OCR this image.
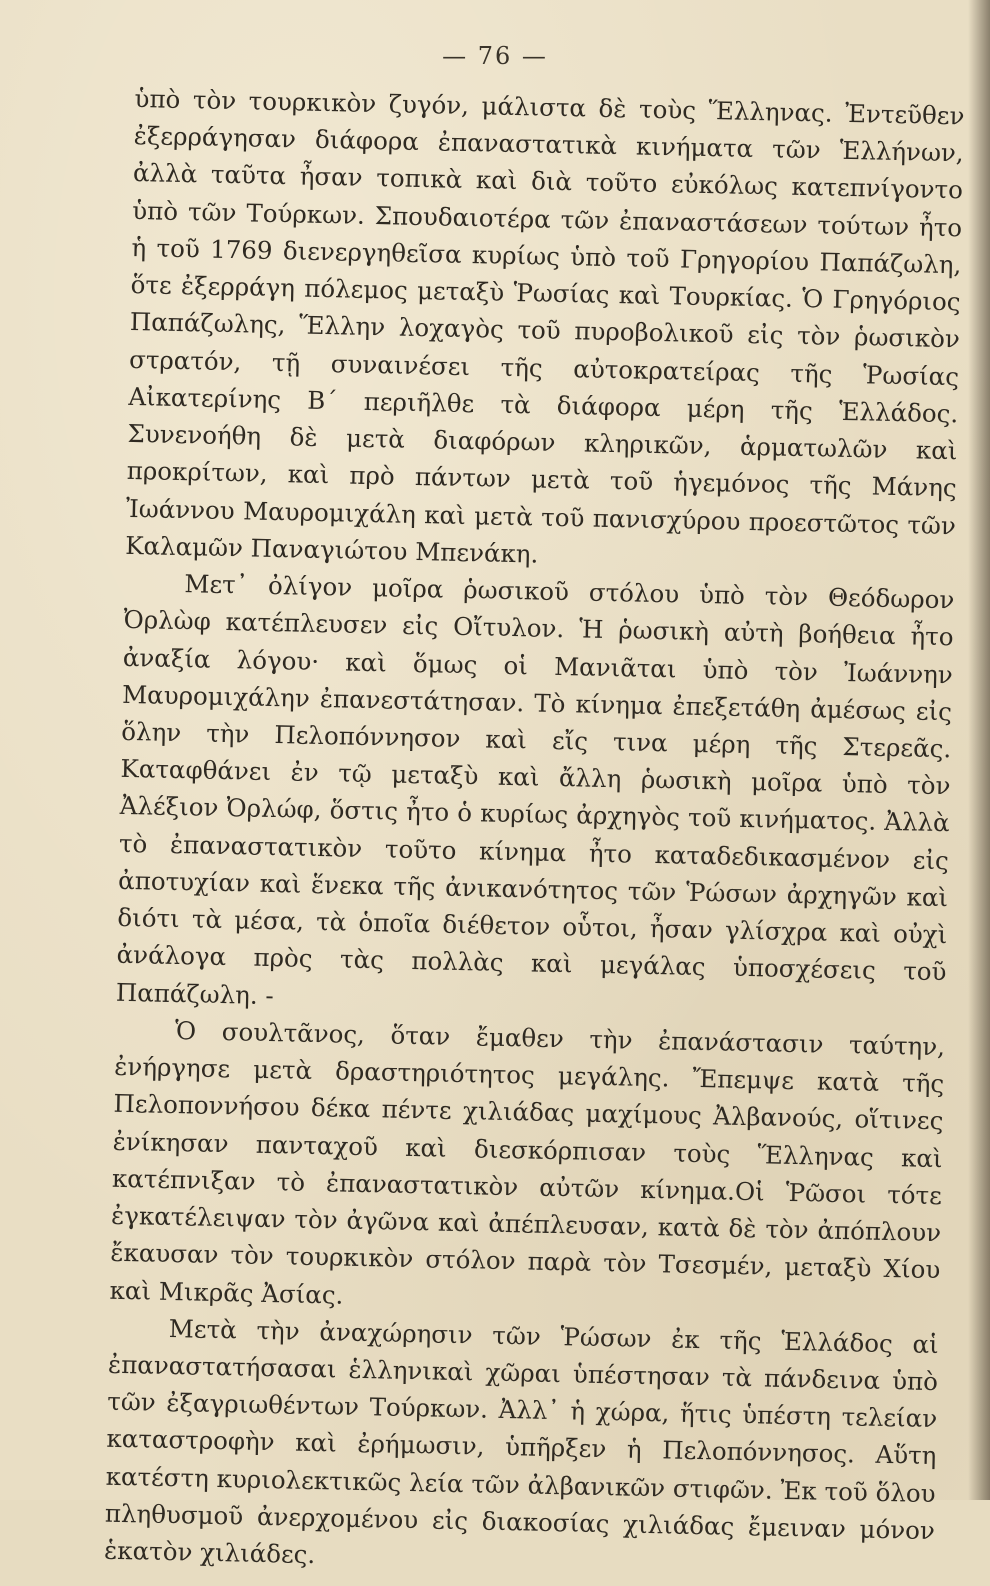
— 76 —

ὑπὸ τὸν τουρκικὸν ζυγόν, μάλιστα δὲ τοὺς Ἕλληνας. Ἐντεῦθεν ἐξερράγησαν διάφορα ἐπαναστατικὰ κινήματα τῶν Ἑλλήνων, ἀλλὰ ταῦτα ἦσαν τοπικὰ καὶ διὰ τοῦτο εὐκόλως κατεπνίγοντο ὑπὸ τῶν Τούρκων. Σπουδαιοτέρα τῶν ἐπαναστάσεων τούτων ἦτο ἡ τοῦ 1769 διενεργηθεῖσα κυρίως ὑπὸ τοῦ Γρηγορίου Παπάζωλη, ὅτε ἐξερράγη πόλεμος μεταξὺ Ῥωσίας καὶ Τουρκίας. Ὁ Γρηγόριος Παπάζωλης, Ἕλλην λοχαγὸς τοῦ πυροβολικοῦ εἰς τὸν ῥωσικὸν στρατόν, τῇ συναινέσει τῆς αὐτοκρατείρας τῆς Ῥωσίας Αἰκατερίνης Β΄ περιῆλθε τὰ διάφορα μέρη τῆς Ἑλλάδος. Συνενοήθη δὲ μετὰ διαφόρων κληρικῶν, ἁρματωλῶν καὶ προκρίτων, καὶ πρὸ πάντων μετὰ τοῦ ἡγεμόνος τῆς Μάνης Ἰωάννου Μαυρομιχάλη καὶ μετὰ τοῦ πανισχύρου προεστῶτος τῶν Καλαμῶν Παναγιώτου Μπενάκη.

Μετ᾽ ὀλίγον μοῖρα ῥωσικοῦ στόλου ὑπὸ τὸν Θεόδωρον Ὀρλὼφ κατέπλευσεν εἰς Οἴτυλον. Ἡ ῥωσικὴ αὐτὴ βοήθεια ἦτο ἀναξία λόγου· καὶ ὅμως οἱ Μανιᾶται ὑπὸ τὸν Ἰωάννην Μαυρομιχάλην ἐπανεστάτησαν. Τὸ κίνημα ἐπεξετάθη ἀμέσως εἰς ὅλην τὴν Πελοπόννησον καὶ εἴς τινα μέρη τῆς Στερεᾶς. Καταφθάνει ἐν τῷ μεταξὺ καὶ ἄλλη ῥωσικὴ μοῖρα ὑπὸ τὸν Ἀλέξιον Ὀρλώφ, ὅστις ἦτο ὁ κυρίως ἀρχηγὸς τοῦ κινήματος. Ἀλλὰ τὸ ἐπαναστατικὸν τοῦτο κίνημα ἦτο καταδεδικασμένον εἰς ἀποτυχίαν καὶ ἕνεκα τῆς ἀνικανότητος τῶν Ῥώσων ἀρχηγῶν καὶ διότι τὰ μέσα, τὰ ὁποῖα διέθετον οὗτοι, ἦσαν γλίσχρα καὶ οὐχὶ ἀνάλογα πρὸς τὰς πολλὰς καὶ μεγάλας ὑποσχέσεις τοῦ Παπάζωλη. -

Ὁ σουλτᾶνος, ὅταν ἔμαθεν τὴν ἐπανάστασιν ταύτην, ἐνήργησε μετὰ δραστηριότητος μεγάλης. Ἔπεμψε κατὰ τῆς Πελοποννήσου δέκα πέντε χιλιάδας μαχίμους Ἀλβανούς, οἵτινες ἐνίκησαν πανταχοῦ καὶ διεσκόρπισαν τοὺς Ἕλληνας καὶ κατέπνιξαν τὸ ἐπαναστατικὸν αὐτῶν κίνημα.Οἱ Ῥῶσοι τότε ἐγκατέλειψαν τὸν ἀγῶνα καὶ ἀπέπλευσαν, κατὰ δὲ τὸν ἀπόπλουν ἔκαυσαν τὸν τουρκικὸν στόλον παρὰ τὸν Τσεσμέν, μεταξὺ Χίου καὶ Μικρᾶς Ἀσίας.

Μετὰ τὴν ἀναχώρησιν τῶν Ῥώσων ἐκ τῆς Ἑλλάδος αἱ ἐπαναστατήσασαι ἑλληνικαὶ χῶραι ὑπέστησαν τὰ πάνδεινα ὑπὸ τῶν ἐξαγριωθέντων Τούρκων. Ἀλλ᾽ ἡ χώρα, ἥτις ὑπέστη τελείαν καταστροφὴν καὶ ἐρήμωσιν, ὑπῆρξεν ἡ Πελοπόννησος. Αὕτη κατέστη κυριολεκτικῶς λεία τῶν ἀλβανικῶν στιφῶν. Ἐκ τοῦ ὅλου πληθυσμοῦ ἀνερχομένου εἰς διακοσίας χιλιάδας ἔμειναν μόνον ἑκατὸν χιλιάδες.
